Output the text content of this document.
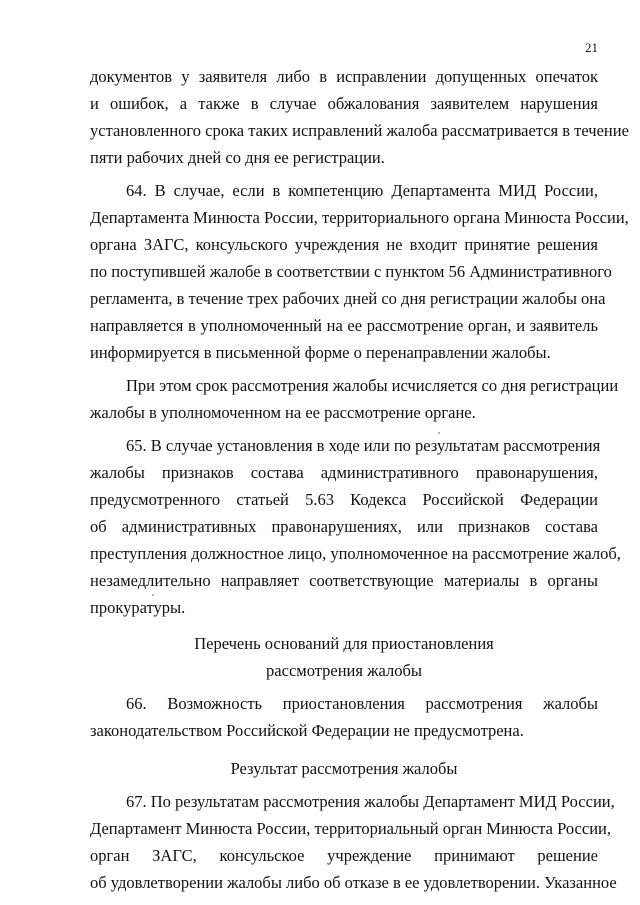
21
документов у заявителя либо в исправлении допущенных опечаток
и ошибок, а также в случае обжалования заявителем нарушения
установленного срока таких исправлений жалоба рассматривается в течение
пяти рабочих дней со дня ее регистрации.
64. В случае, если в компетенцию Департамента МИД России,
Департамента Минюста России, территориального органа Минюста России,
органа ЗАГС, консульского учреждения не входит принятие решения
по поступившей жалобе в соответствии с пунктом 56 Административного
регламента, в течение трех рабочих дней со дня регистрации жалобы она
направляется в уполномоченный на ее рассмотрение орган, и заявитель
информируется в письменной форме о перенаправлении жалобы.
При этом срок рассмотрения жалобы исчисляется со дня регистрации
жалобы в уполномоченном на ее рассмотрение органе.
65. В случае установления в ходе или по результатам рассмотрения
жалобы признаков состава административного правонарушения,
предусмотренного статьей 5.63 Кодекса Российской Федерации
об административных правонарушениях, или признаков состава
преступления должностное лицо, уполномоченное на рассмотрение жалоб,
незамедлительно направляет соответствующие материалы в органы
прокуратуры.
Перечень оснований для приостановления
рассмотрения жалобы
66. Возможность приостановления рассмотрения жалобы
законодательством Российской Федерации не предусмотрена.
Результат рассмотрения жалобы
67. По результатам рассмотрения жалобы Департамент МИД России,
Департамент Минюста России, территориальный орган Минюста России,
орган ЗАГС, консульское учреждение принимают решение
об удовлетворении жалобы либо об отказе в ее удовлетворении. Указанное
